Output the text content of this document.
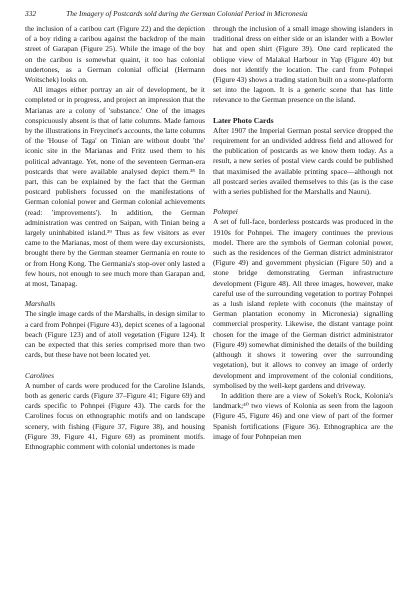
332	The Imagery of Postcards sold during the German Colonial Period in Micronesia

the inclusion of a caribou cart (Figure 22) and the depiction of a boy riding a caribou against the backdrop of the main street of Garapan (Figure 25). While the image of the boy on the caribou is somewhat quaint, it too has colonial undertones, as a German colonial official (Hermann Woitschek) looks on.

All images either portray an air of development, be it completed or in progress, and project an impression that the Marianas are a colony of 'substance.' One of the images conspicuously absent is that of latte columns. Made famous by the illustrations in Freycinet's accounts, the latte columns of the 'House of Taga' on Tinian are without doubt 'the' iconic site in the Marianas and Fritz used them to his political advantage. Yet, none of the seventeen German-era postcards that were available analysed depict them.³⁸ In part, this can be explained by the fact that the German postcard publishers focussed on the manifestations of German colonial power and German colonial achievements (read: 'improvements'). In addition, the German administration was centred on Saipan, with Tinian being a largely uninhabited island.³⁹ Thus as few visitors as ever came to the Marianas, most of them were day excursionists, brought there by the German steamer Germania en route to or from Hong Kong. The Germania's stop-over only lasted a few hours, not enough to see much more than Garapan and, at most, Tanapag.

Marshalls

The single image cards of the Marshalls, in design similar to a card from Pohnpei (Figure 43), depict scenes of a lagoonal beach (Figure 123) and of atoll vegetation (Figure 124). It can be expected that this series comprised more than two cards, but these have not been located yet.

Carolines

A number of cards were produced for the Caroline Islands, both as generic cards (Figure 37–Figure 41; Figure 69) and cards specific to Pohnpei (Figure 43). The cards for the Carolines focus on ethnographic motifs and on landscape scenery, with fishing (Figure 37, Figure 38), and housing (Figure 39, Figure 41, Figure 69) as prominent motifs. Ethnographic comment with colonial undertones is made

through the inclusion of a small image showing islanders in traditional dress on either side or an islander with a Bowler hat and open shirt (Figure 39). One card replicated the oblique view of Malakal Harbour in Yap (Figure 40) but does not identify the location. The card from Pohnpei (Figure 43) shows a trading station built on a stone-platform set into the lagoon. It is a generic scene that has little relevance to the German presence on the island.

Later Photo Cards

After 1907 the Imperial German postal service dropped the requirement for an undivided address field and allowed for the publication of postcards as we know them today. As a result, a new series of postal view cards could be published that maximised the available printing space—although not all postcard series availed themselves to this (as is the case with a series published for the Marshalls and Nauru).

Pohnpei

A set of full-face, borderless postcards was produced in the 1910s for Pohnpei. The imagery continues the previous model. There are the symbols of German colonial power, such as the residences of the German district administrator (Figure 49) and government physician (Figure 50) and a stone bridge demonstrating German infrastructure development (Figure 48). All three images, however, make careful use of the surrounding vegetation to portray Pohnpei as a lush island replete with coconuts (the mainstay of German plantation economy in Micronesia) signalling commercial prosperity. Likewise, the distant vantage point chosen for the image of the German district administrator (Figure 49) somewhat diminished the details of the building (although it shows it towering over the surrounding vegetation), but it allows to convey an image of orderly development and improvement of the colonial conditions, symbolised by the well-kept gardens and driveway.

In addition there are a view of Sokeh's Rock, Kolonia's landmark;⁴⁰ two views of Kolonia as seen from the lagoon (Figure 45, Figure 46) and one view of part of the former Spanish fortifications (Figure 36). Ethnographica are the image of four Pohnpeian men
